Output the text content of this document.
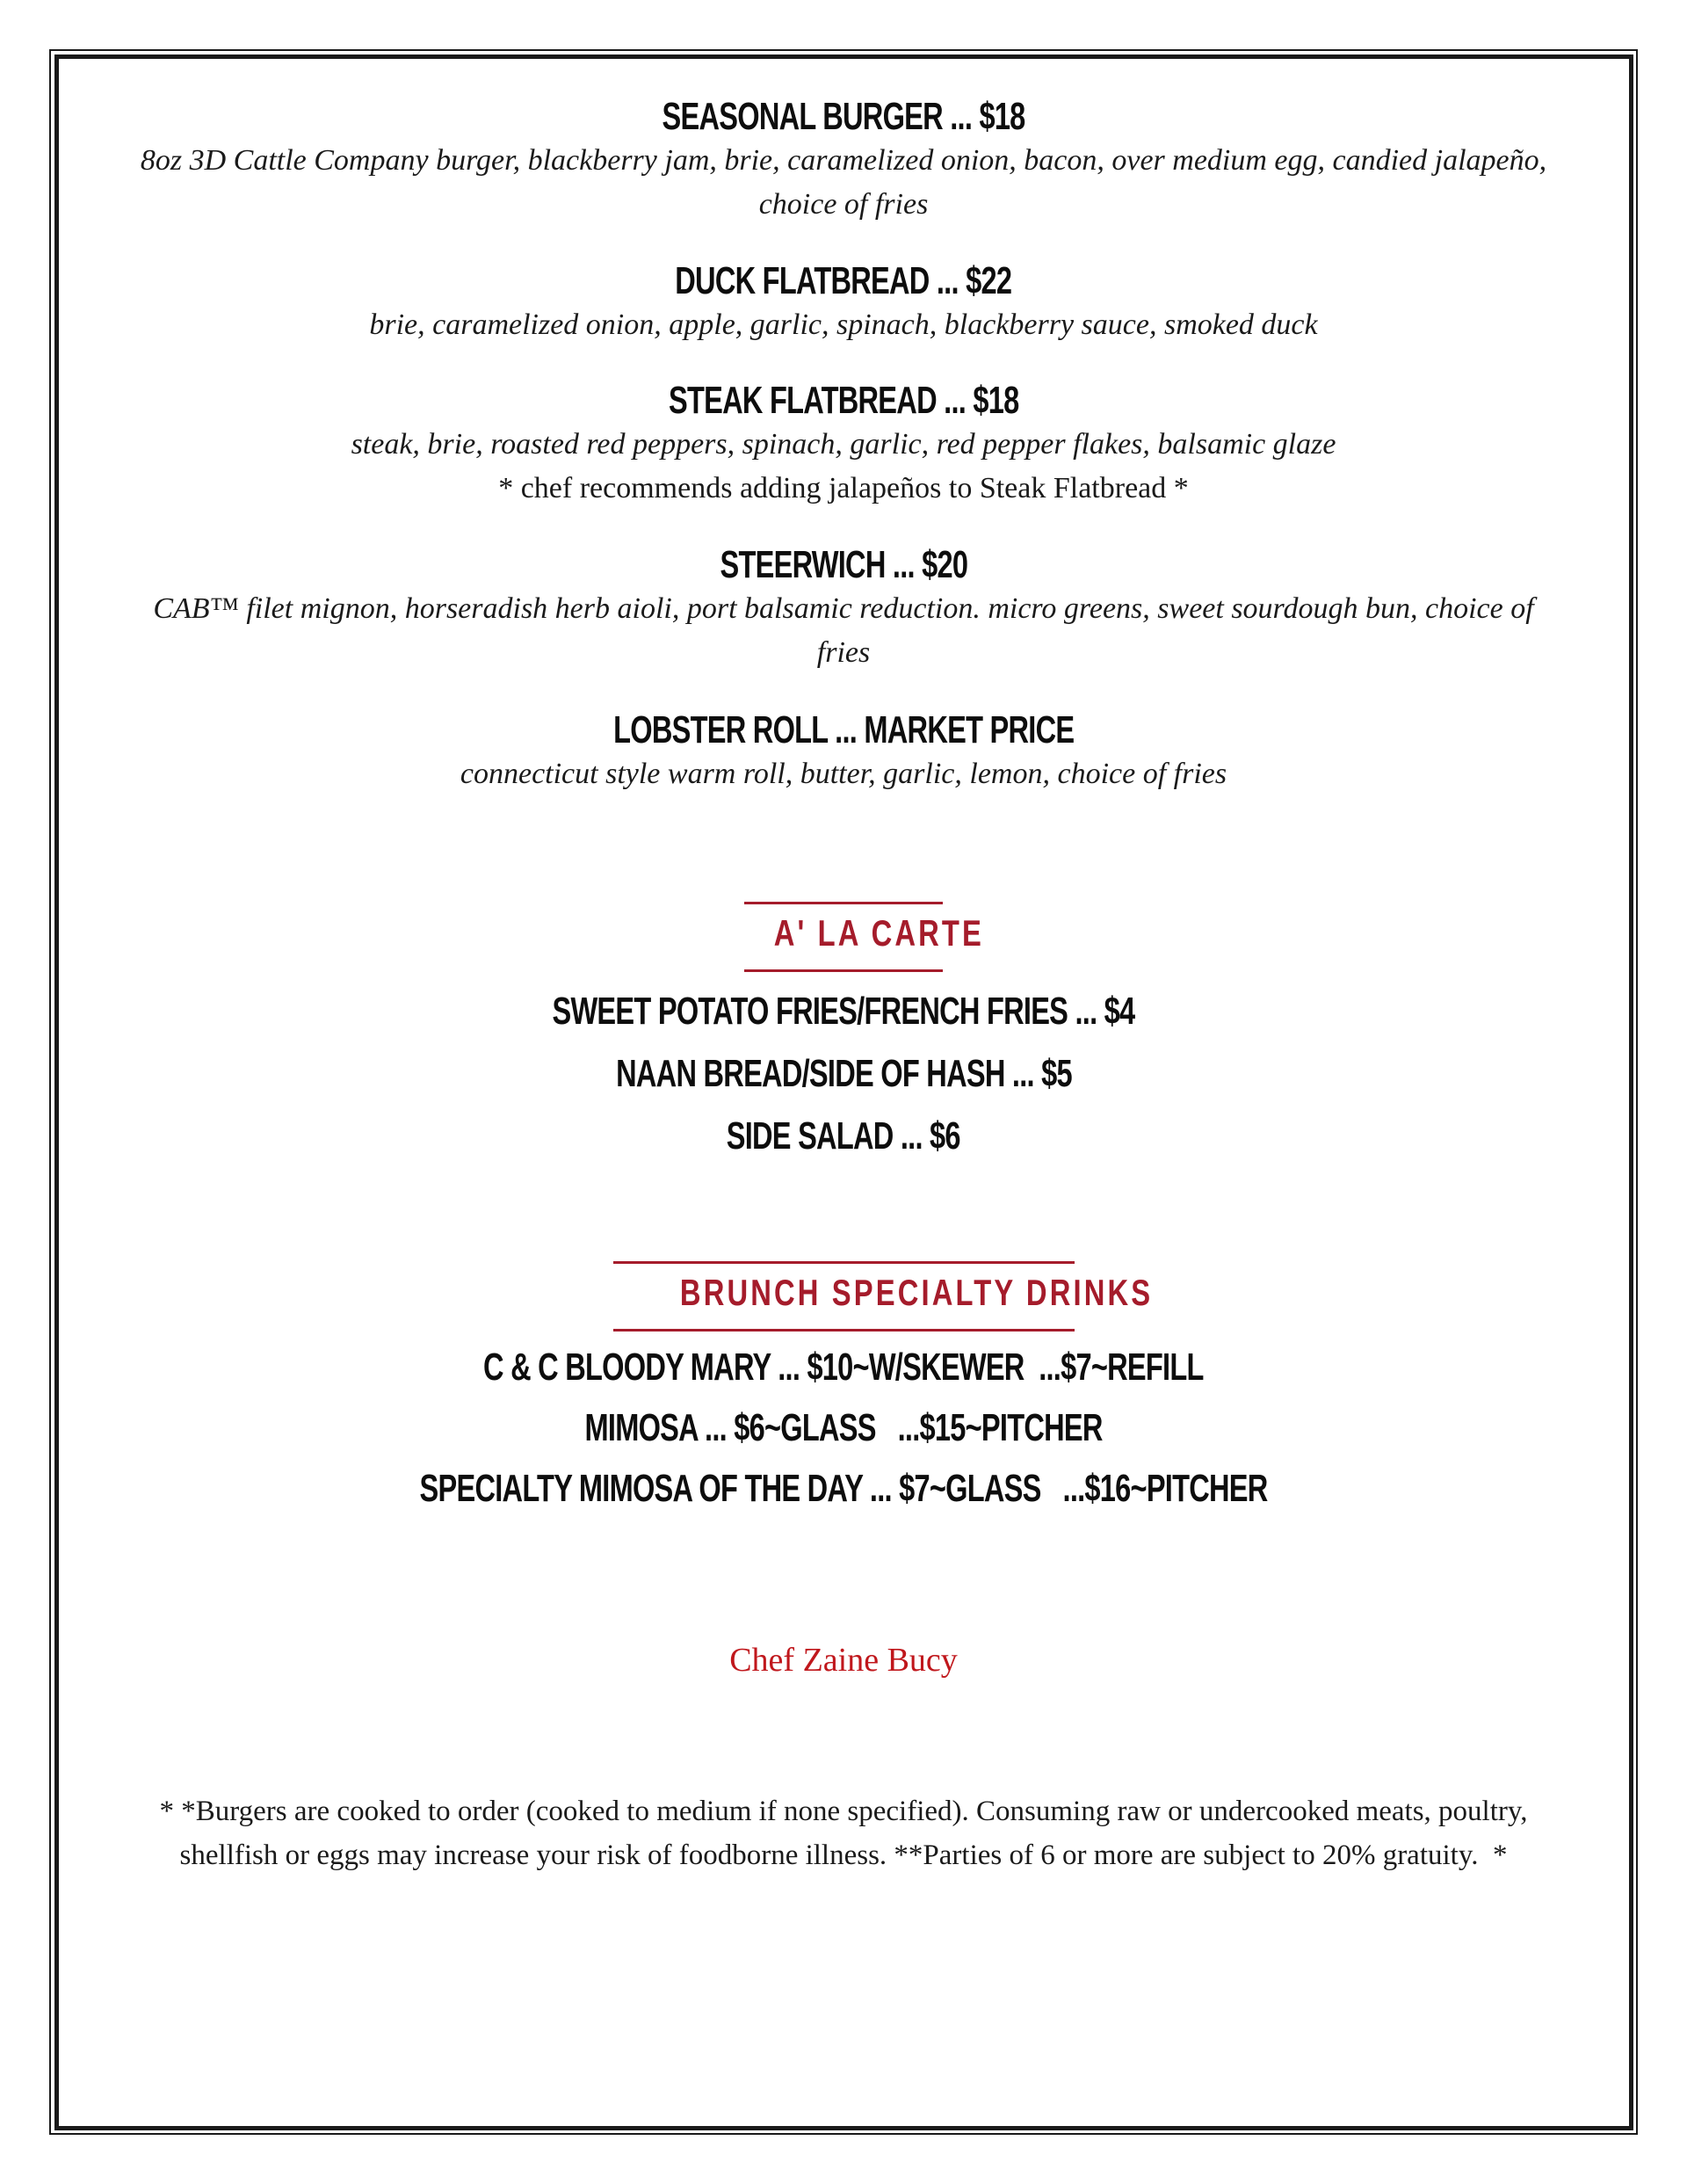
SEASONAL BURGER ... $18
8oz 3D Cattle Company burger, blackberry jam, brie, caramelized onion, bacon, over medium egg, candied jalapeño, choice of fries
DUCK FLATBREAD ... $22
brie, caramelized onion, apple, garlic, spinach, blackberry sauce, smoked duck
STEAK FLATBREAD ... $18
steak, brie, roasted red peppers, spinach, garlic, red pepper flakes, balsamic glaze
* chef recommends adding jalapeños to Steak Flatbread *
STEERWICH ... $20
CAB™ filet mignon, horseradish herb aioli, port balsamic reduction. micro greens, sweet sourdough bun, choice of fries
LOBSTER ROLL ... MARKET PRICE
connecticut style warm roll, butter, garlic, lemon, choice of fries
A' LA CARTE
SWEET POTATO FRIES/FRENCH FRIES ... $4
NAAN BREAD/SIDE OF HASH ... $5
SIDE SALAD ... $6
BRUNCH SPECIALTY DRINKS
C & C BLOODY MARY ... $10~W/SKEWER  ...$7~REFILL
MIMOSA ... $6~GLASS   ...$15~PITCHER
SPECIALTY MIMOSA OF THE DAY ... $7~GLASS   ...$16~PITCHER
Chef Zaine Bucy
* *Burgers are cooked to order (cooked to medium if none specified). Consuming raw or undercooked meats, poultry, shellfish or eggs may increase your risk of foodborne illness. **Parties of 6 or more are subject to 20% gratuity.  *
